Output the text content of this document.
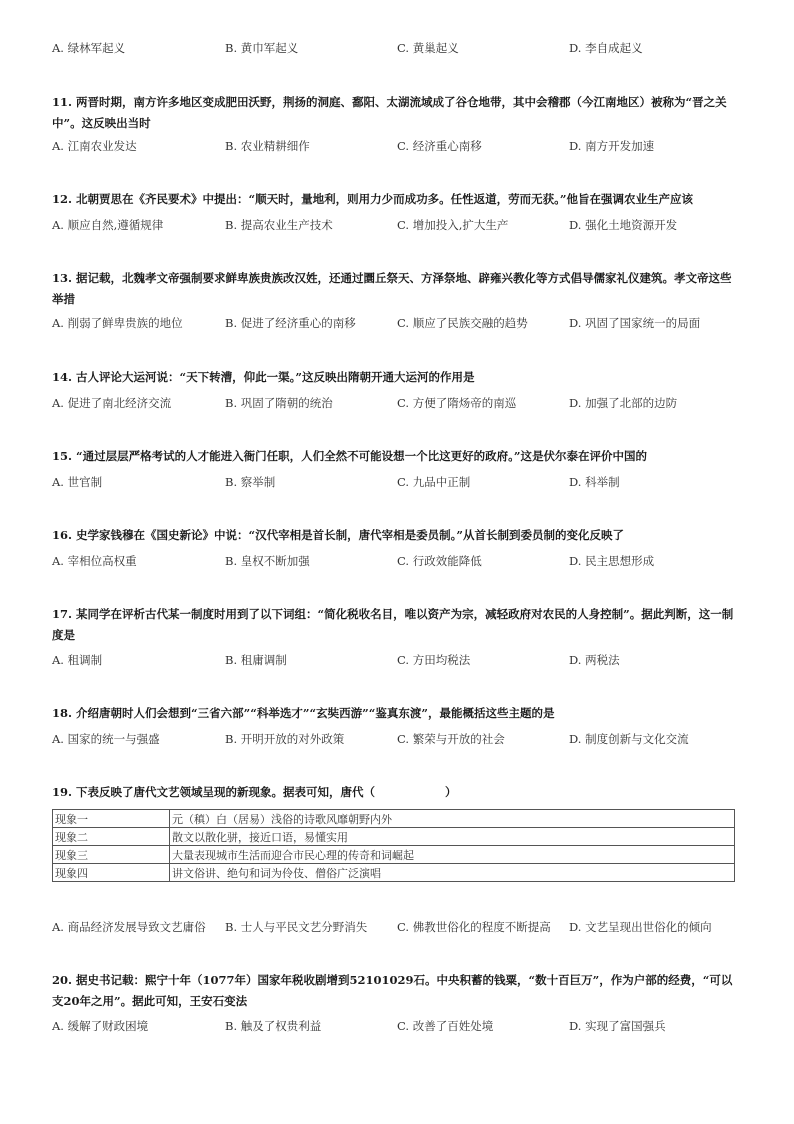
A. 绿林军起义	B. 黄巾军起义	C. 黄巢起义	D. 李自成起义
11. 两晋时期，南方许多地区变成肥田沃野，荆扬的洞庭、鄱阳、太湖流域成了谷仓地带，其中会稽郡（今江南地区）被称为“晋之关中”。这反映出当时
A. 江南农业发达	B. 农业精耕细作	C. 经济重心南移	D. 南方开发加速
12. 北朝贾思在《齐民要术》中提出：“顺天时，量地利，则用力少而成功多。任性返道，劳而无获。”他旨在强调农业生产应该
A. 顺应自然,遵循规律	B. 提高农业生产技术	C. 增加投入,扩大生产	D. 强化土地资源开发
13. 据记载，北魏孝文帝强制要求鲜卑族贵族改汉姓，还通过圜丘祭天、方泽祭地、辟雍兴教化等方式倡导儒家礼仪建筑。孝文帝这些举措
A. 削弱了鲜卑贵族的地位	B. 促进了经济重心的南移	C. 顺应了民族交融的趋势	D. 巩固了国家统一的局面
14. 古人评论大运河说：“天下转漕，仰此一渠。”这反映出隋朝开通大运河的作用是
A. 促进了南北经济交流	B. 巩固了隋朝的统治	C. 方便了隋炀帝的南巡	D. 加强了北部的边防
15. “通过层层严格考试的人才能进入衙门任职，人们全然不可能设想一个比这更好的政府。”这是伏尔泰在评价中国的
A. 世官制	B. 察举制	C. 九品中正制	D. 科举制
16. 史学家钱穆在《国史新论》中说：“汉代宰相是首长制，唐代宰相是委员制。”从首长制到委员制的变化反映了
A. 宰相位高权重	B. 皇权不断加强	C. 行政效能降低	D. 民主思想形成
17. 某同学在评析古代某一制度时用到了以下词组：“简化税收名目，唯以资产为宗，减轻政府对农民的人身控制”。据此判断，这一制度是
A. 租调制	B. 租庸调制	C. 方田均税法	D. 两税法
18. 介绍唐朝时人们会想到“三省六部”“科举选才”“玄奘西游”“鉴真东渡”，最能概括这些主题的是
A. 国家的统一与强盛	B. 开明开放的对外政策	C. 繁荣与开放的社会	D. 制度创新与文化交流
19. 下表反映了唐代文艺领域呈现的新现象。据表可知，唐代（	）
现象一	元（稹）白（居易）浅俗的诗歌风靡朝野内外
现象二	散文以散化骈，接近口语，易懂实用
现象三	大量表现城市生活而迎合市民心理的传奇和词崛起
现象四	讲文俗讲、绝句和词为伶伎、僧俗广泛演唱
A. 商品经济发展导致文艺庸俗 B. 士人与平民文艺分野消失	C. 佛教世俗化的程度不断提高 D. 文艺呈现出世俗化的倾向
20. 据史书记载：熙宁十年（1077年）国家年税收剧增到52101029石。中央积蓄的钱粟，“数十百巨万”，作为户部的经费，“可以支20年之用”。据此可知，王安石变法
A. 缓解了财政困境	B. 触及了权贵利益	C. 改善了百姓处境	D. 实现了富国强兵
